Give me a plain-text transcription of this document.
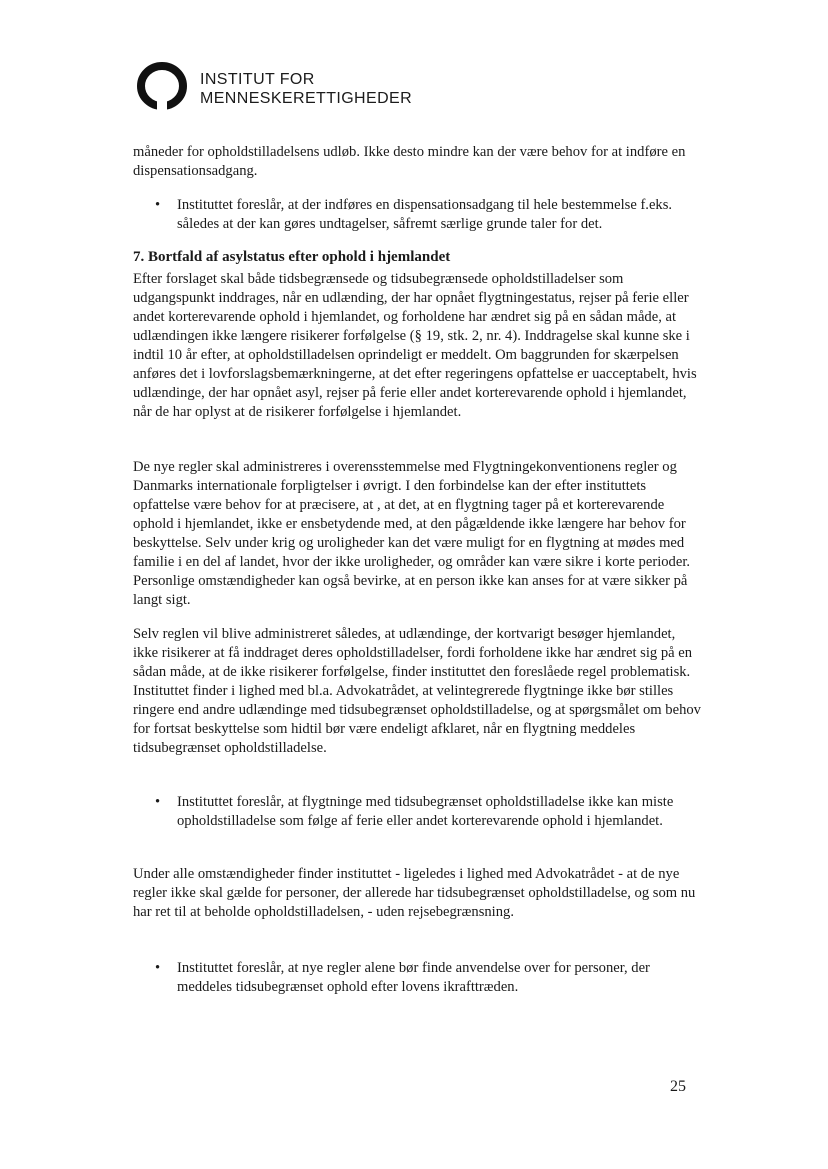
INSTITUT FOR
MENNESKERETTIGHEDER

måneder for opholdstilladelsens udløb. Ikke desto mindre kan der være behov for at indføre en dispensationsadgang.

•	Instituttet foreslår, at der indføres en dispensationsadgang til hele bestemmelse f.eks. således at der kan gøres undtagelser, såfremt særlige grunde taler for det.
7. Bortfald af asylstatus efter ophold i hjemlandet

Efter forslaget skal både tidsbegrænsede og tidsubegrænsede opholdstilladelser som udgangspunkt inddrages, når en udlænding, der har opnået flygtningestatus, rejser på ferie eller andet korterevarende ophold i hjemlandet, og forholdene har ændret sig på en sådan måde, at udlændingen ikke længere risikerer forfølgelse (§ 19, stk. 2, nr. 4). Inddragelse skal kunne ske i indtil 10 år efter, at opholdstilladelsen oprindeligt er meddelt. Om baggrunden for skærpelsen anføres det i lovforslagsbemærkningerne, at det efter regeringens opfattelse er uacceptabelt, hvis udlændinge, der har opnået asyl, rejser på ferie eller andet korterevarende ophold i hjemlandet, når de har oplyst at de risikerer forfølgelse i hjemlandet.

De nye regler skal administreres i overensstemmelse med Flygtningekonventionens regler og Danmarks internationale forpligtelser i øvrigt. I den forbindelse kan der efter instituttets opfattelse være behov for at præcisere, at , at det, at en flygtning tager på et korterevarende ophold i hjemlandet, ikke er ensbetydende med, at den pågældende ikke længere har behov for beskyttelse. Selv under krig og uroligheder kan det være muligt for en flygtning at mødes med familie i en del af landet, hvor der ikke uroligheder, og områder kan være sikre i korte perioder. Personlige omstændigheder kan også bevirke, at en person ikke kan anses for at være sikker på langt sigt.

Selv reglen vil blive administreret således, at udlændinge, der kortvarigt besøger hjemlandet, ikke risikerer at få inddraget deres opholdstilladelser, fordi forholdene ikke har ændret sig på en sådan måde, at de ikke risikerer forfølgelse, finder instituttet den foreslåede regel problematisk. Instituttet finder i lighed med bl.a. Advokatrådet, at velintegrerede flygtninge ikke bør stilles ringere end andre udlændinge med tidsubegrænset opholdstilladelse, og at spørgsmålet om behov for fortsat beskyttelse som hidtil bør være endeligt afklaret, når en flygtning meddeles tidsubegrænset opholdstilladelse.

•	Instituttet foreslår, at flygtninge med tidsubegrænset opholdstilladelse ikke kan miste opholdstilladelse som følge af ferie eller andet korterevarende ophold i hjemlandet.

Under alle omstændigheder finder instituttet - ligeledes i lighed med Advokatrådet - at de nye regler ikke skal gælde for personer, der allerede har tidsubegrænset opholdstilladelse, og som nu har ret til at beholde opholdstilladelsen, - uden rejsebegrænsning.

•	Instituttet foreslår, at nye regler alene bør finde anvendelse over for personer, der meddeles tidsubegrænset ophold efter lovens ikrafttræden.
25
